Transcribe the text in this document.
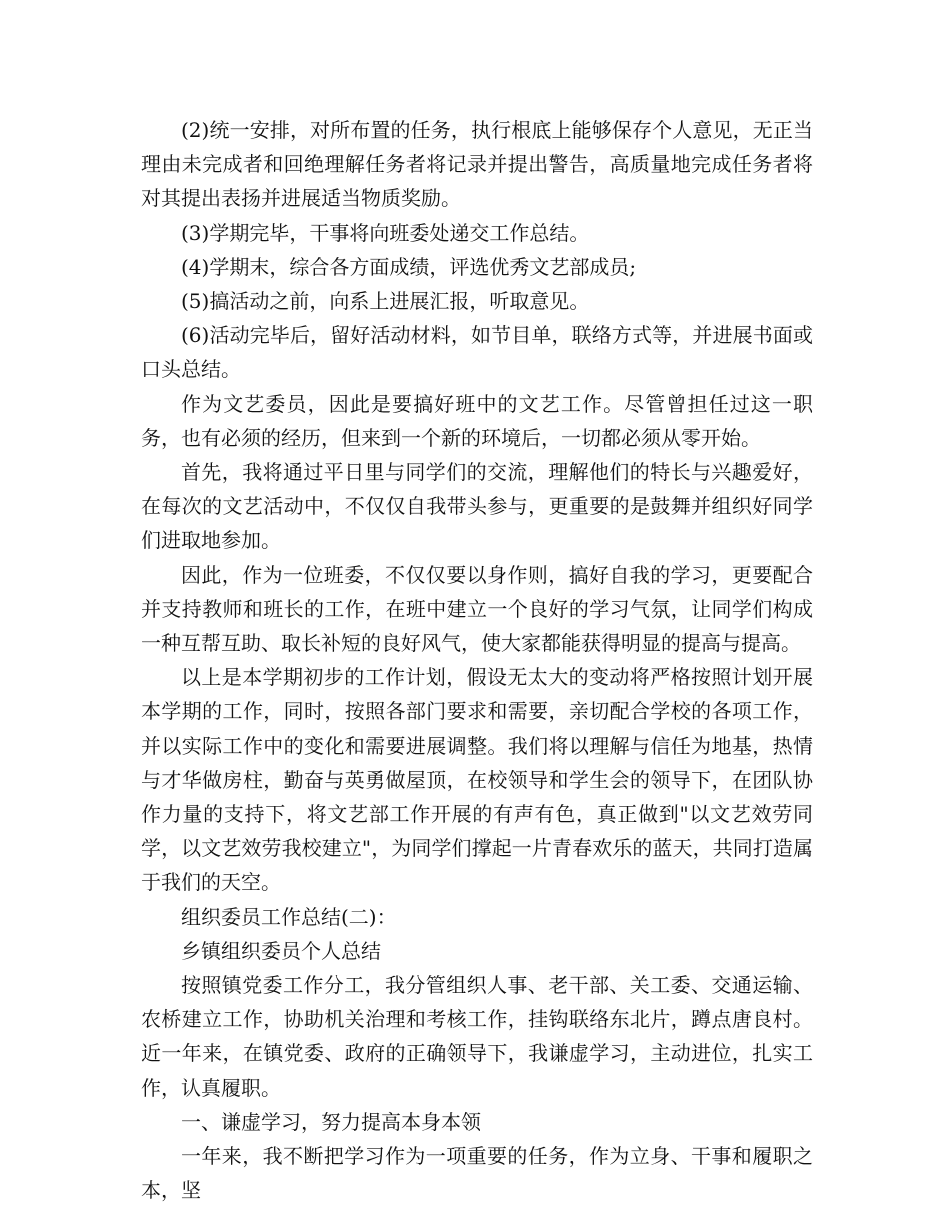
(2)统一安排，对所布置的任务，执行根底上能够保存个人意见，无正当理由未完成者和回绝理解任务者将记录并提出警告，高质量地完成任务者将对其提出表扬并进展适当物质奖励。

(3)学期完毕，干事将向班委处递交工作总结。

(4)学期末，综合各方面成绩，评选优秀文艺部成员;

(5)搞活动之前，向系上进展汇报，听取意见。

(6)活动完毕后，留好活动材料，如节目单，联络方式等，并进展书面或口头总结。

作为文艺委员，因此是要搞好班中的文艺工作。尽管曾担任过这一职务，也有必须的经历，但来到一个新的环境后，一切都必须从零开始。

首先，我将通过平日里与同学们的交流，理解他们的特长与兴趣爱好，在每次的文艺活动中，不仅仅自我带头参与，更重要的是鼓舞并组织好同学们进取地参加。

因此，作为一位班委，不仅仅要以身作则，搞好自我的学习，更要配合并支持教师和班长的工作，在班中建立一个良好的学习气氛，让同学们构成一种互帮互助、取长补短的良好风气，使大家都能获得明显的提高与提高。

以上是本学期初步的工作计划，假设无太大的变动将严格按照计划开展本学期的工作，同时，按照各部门要求和需要，亲切配合学校的各项工作，并以实际工作中的变化和需要进展调整。我们将以理解与信任为地基，热情与才华做房柱，勤奋与英勇做屋顶，在校领导和学生会的领导下，在团队协作力量的支持下，将文艺部工作开展的有声有色，真正做到"以文艺效劳同学，以文艺效劳我校建立"，为同学们撑起一片青春欢乐的蓝天，共同打造属于我们的天空。

组织委员工作总结(二)：

乡镇组织委员个人总结

按照镇党委工作分工，我分管组织人事、老干部、关工委、交通运输、农桥建立工作，协助机关治理和考核工作，挂钩联络东北片，蹲点唐良村。近一年来，在镇党委、政府的正确领导下，我谦虚学习，主动进位，扎实工作，认真履职。

一、谦虚学习，努力提高本身本领

一年来，我不断把学习作为一项重要的任务，作为立身、干事和履职之本，坚
